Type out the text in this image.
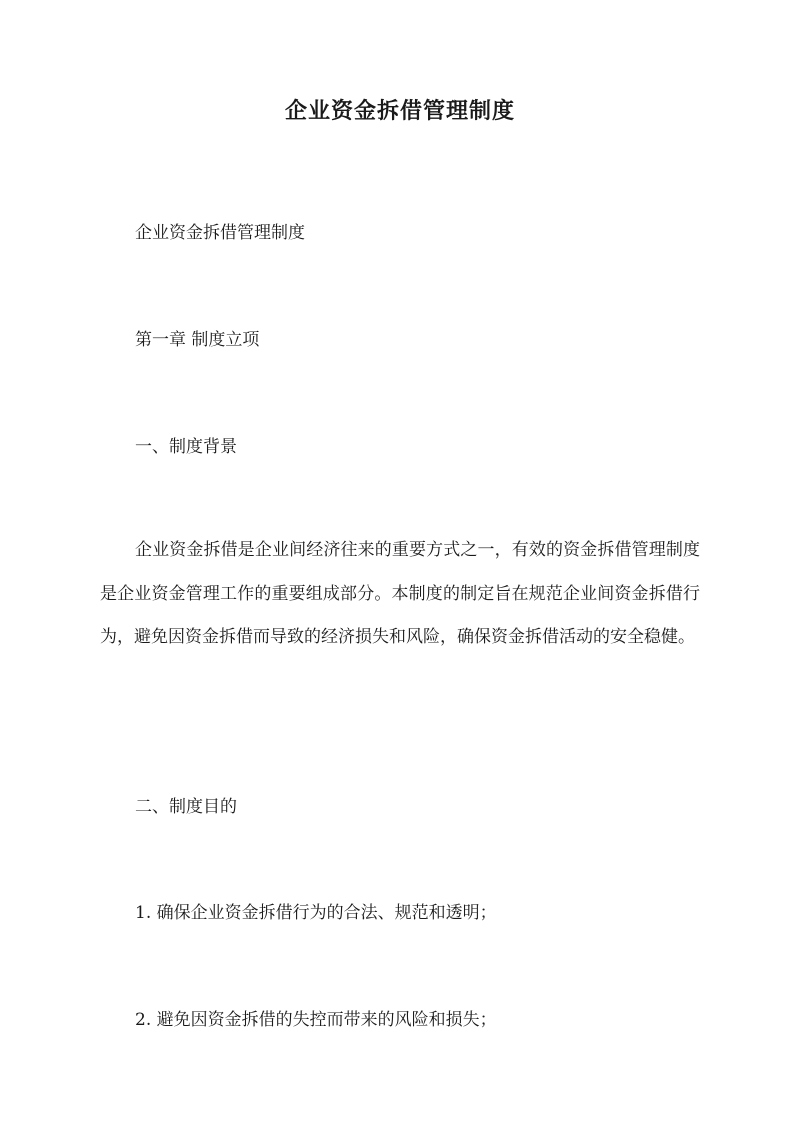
企业资金拆借管理制度
企业资金拆借管理制度
第一章 制度立项
一、制度背景
企业资金拆借是企业间经济往来的重要方式之一，有效的资金拆借管理制度是企业资金管理工作的重要组成部分。本制度的制定旨在规范企业间资金拆借行为，避免因资金拆借而导致的经济损失和风险，确保资金拆借活动的安全稳健。
二、制度目的
1. 确保企业资金拆借行为的合法、规范和透明；
2. 避免因资金拆借的失控而带来的风险和损失；
